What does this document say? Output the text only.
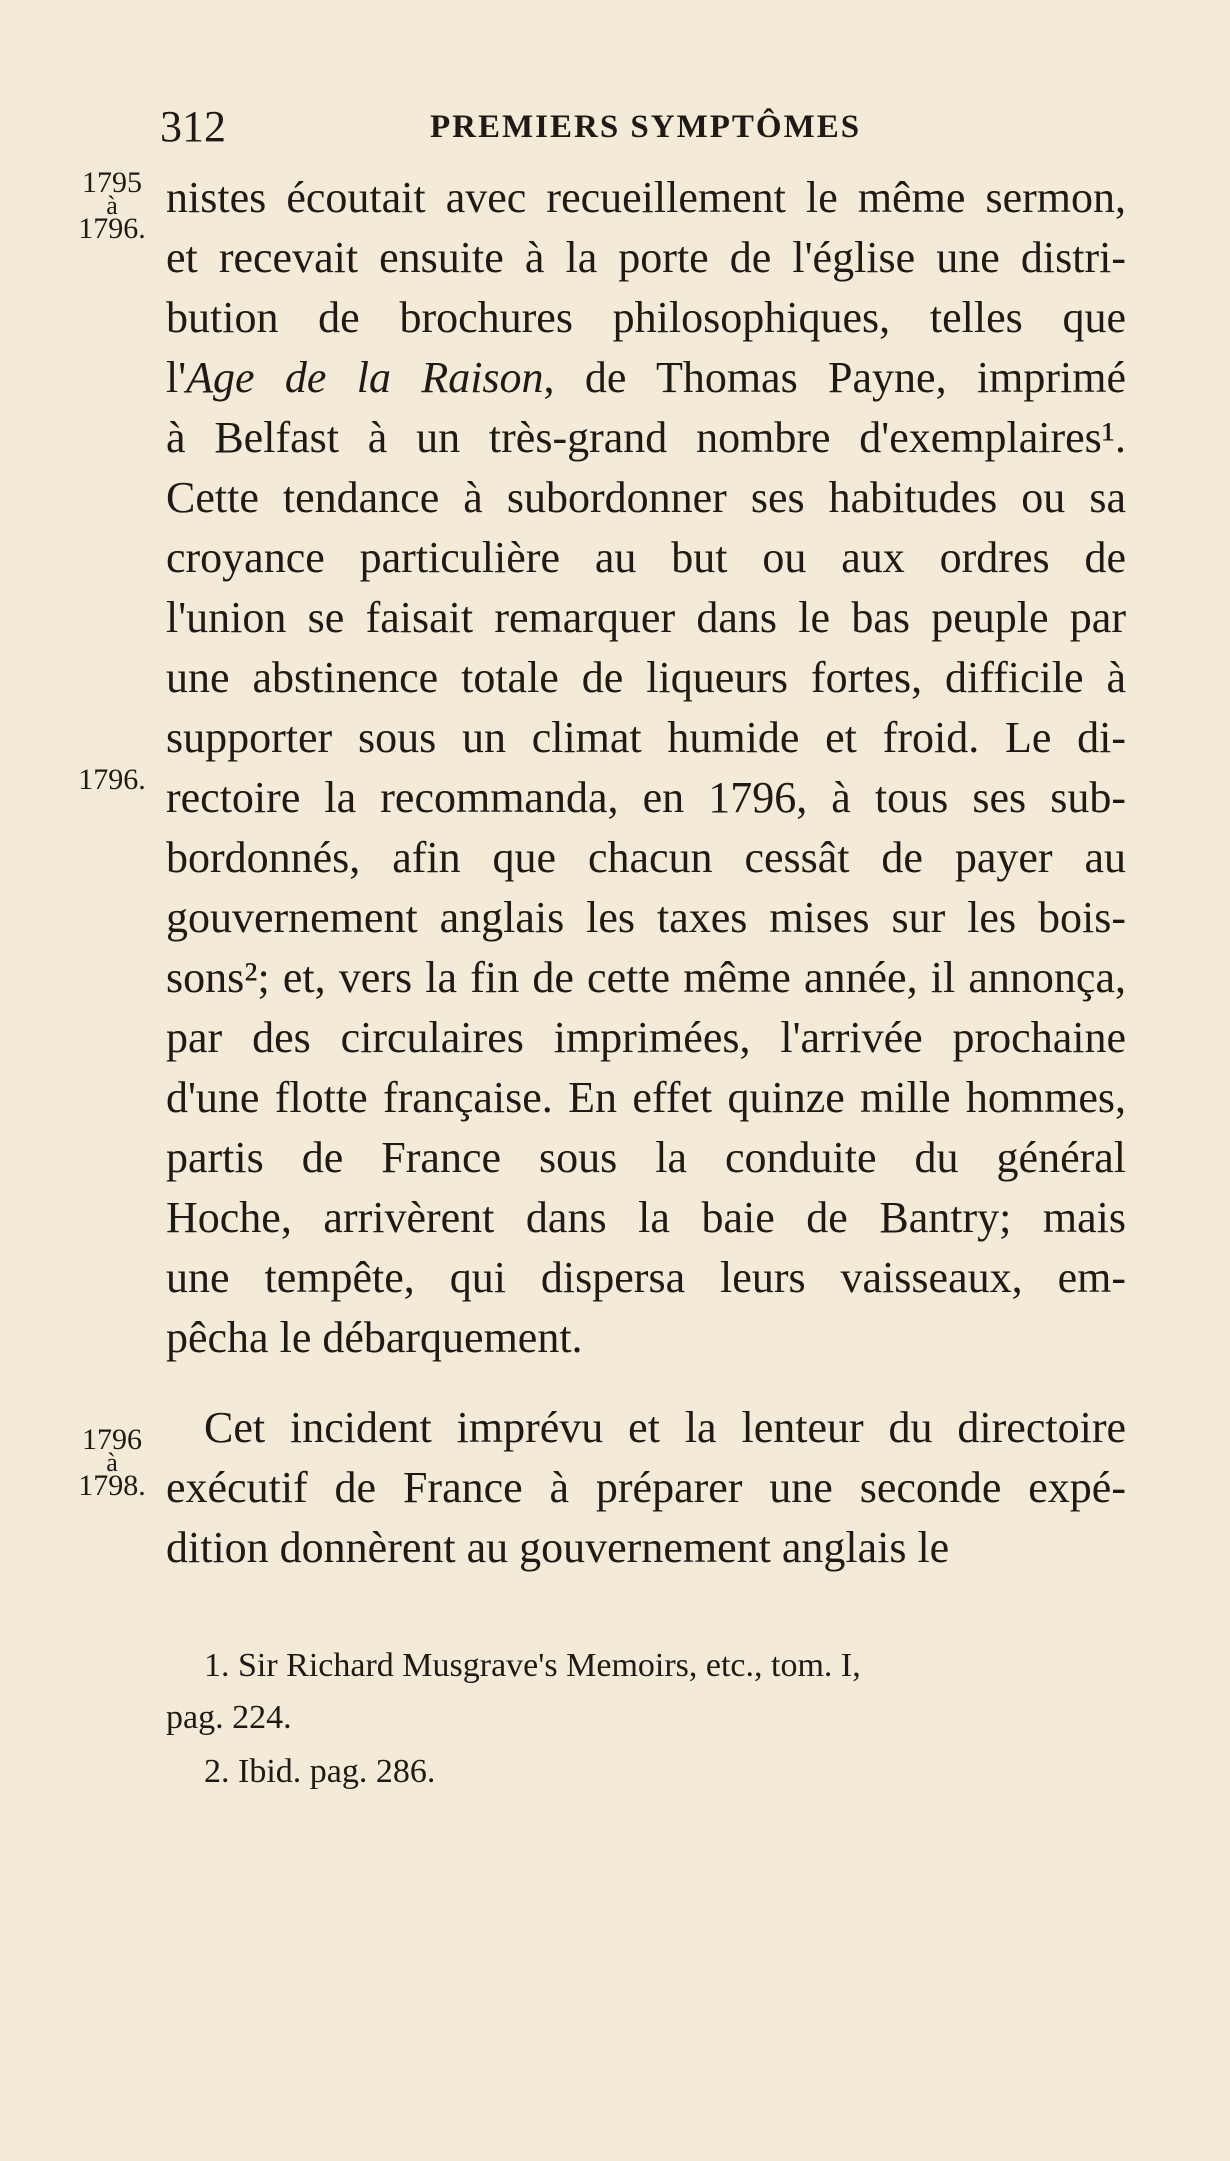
312	PREMIERS SYMPTÔMES
1795
à
1796.
1796.
1796
à
1798.
nistes écoutait avec recueillement le même sermon,
et recevait ensuite à la porte de l'église une distri-
bution de brochures philosophiques, telles que
l'Age de la Raison, de Thomas Payne, imprimé
à Belfast à un très-grand nombre d'exemplaires¹.
Cette tendance à subordonner ses habitudes ou sa
croyance particulière au but ou aux ordres de
l'union se faisait remarquer dans le bas peuple par
une abstinence totale de liqueurs fortes, difficile à
supporter sous un climat humide et froid. Le di-
rectoire la recommanda, en 1796, à tous ses sub-
bordonnés, afin que chacun cessât de payer au
gouvernement anglais les taxes mises sur les bois-
sons²; et, vers la fin de cette même année, il annonça,
par des circulaires imprimées, l'arrivée prochaine
d'une flotte française. En effet quinze mille hommes,
partis de France sous la conduite du général
Hoche, arrivèrent dans la baie de Bantry; mais
une tempête, qui dispersa leurs vaisseaux, em-
pêcha le débarquement.
Cet incident imprévu et la lenteur du directoire
exécutif de France à préparer une seconde expé-
dition donnèrent au gouvernement anglais le
1. Sir Richard Musgrave's Memoirs, etc., tom. I,
pag. 224.
2. Ibid. pag. 286.
